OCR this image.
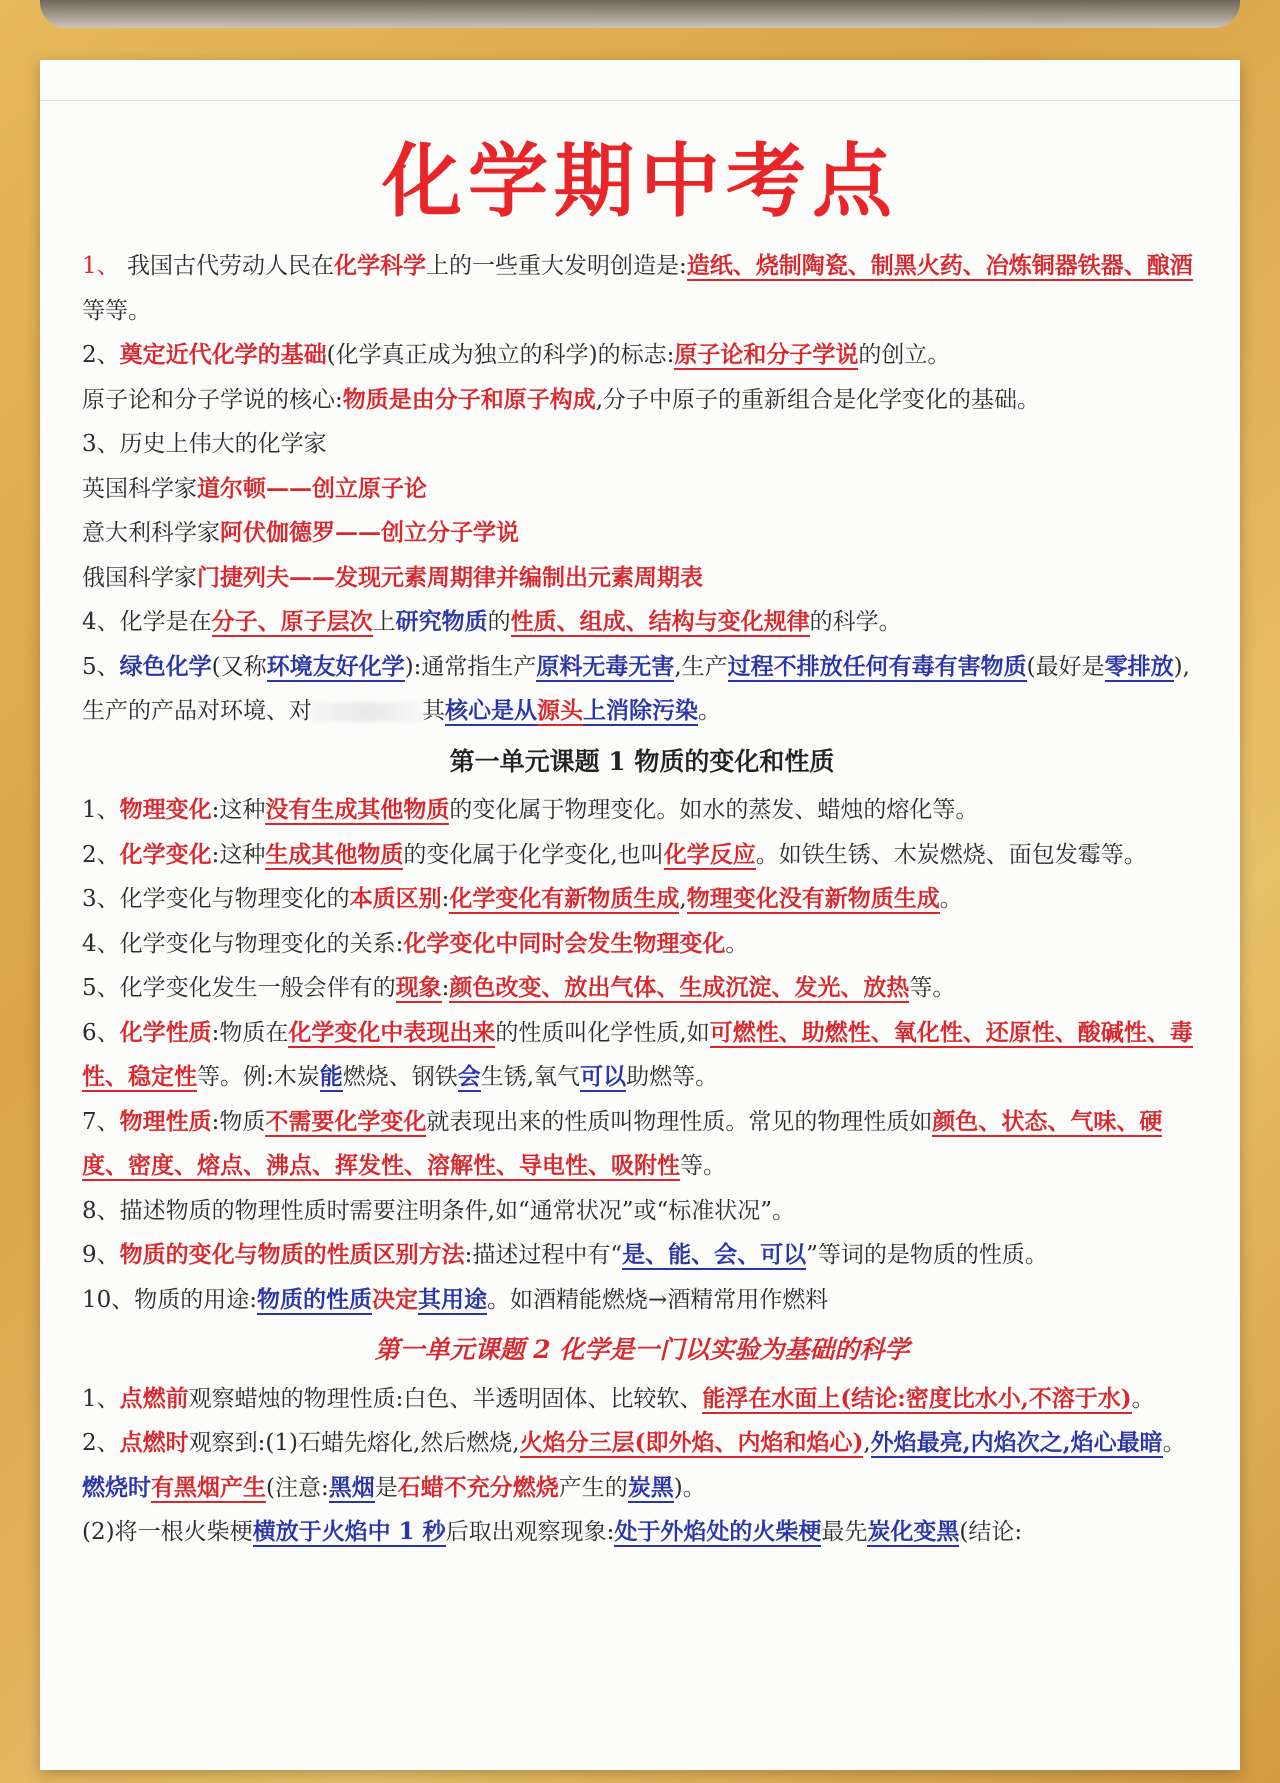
化学期中考点

1、 我国古代劳动人民在化学科学上的一些重大发明创造是:造纸、烧制陶瓷、制黑火药、冶炼铜器铁器、酿酒等等。

2、奠定近代化学的基础(化学真正成为独立的科学)的标志:原子论和分子学说的创立。

原子论和分子学说的核心:物质是由分子和原子构成,分子中原子的重新组合是化学变化的基础。

3、历史上伟大的化学家

英国科学家道尔顿——创立原子论

意大利科学家阿伏伽德罗——创立分子学说

俄国科学家门捷列夫——发现元素周期律并编制出元素周期表

4、化学是在分子、原子层次上研究物质的性质、组成、结构与变化规律的科学。

5、绿色化学(又称环境友好化学):通常指生产原料无毒无害,生产过程不排放任何有毒有害物质(最好是零排放),生产的产品对环境、对	其核心是从源头上消除污染。

第一单元课题 1 物质的变化和性质

1、物理变化:这种没有生成其他物质的变化属于物理变化。如水的蒸发、蜡烛的熔化等。

2、化学变化:这种生成其他物质的变化属于化学变化,也叫化学反应。如铁生锈、木炭燃烧、面包发霉等。

3、化学变化与物理变化的本质区别:化学变化有新物质生成,物理变化没有新物质生成。

4、化学变化与物理变化的关系:化学变化中同时会发生物理变化。

5、化学变化发生一般会伴有的现象:颜色改变、放出气体、生成沉淀、发光、放热等。

6、化学性质:物质在化学变化中表现出来的性质叫化学性质,如可燃性、助燃性、氧化性、还原性、酸碱性、毒性、稳定性等。例:木炭能燃烧、钢铁会生锈,氧气可以助燃等。

7、物理性质:物质不需要化学变化就表现出来的性质叫物理性质。常见的物理性质如颜色、状态、气味、硬度、密度、熔点、沸点、挥发性、溶解性、导电性、吸附性等。

8、描述物质的物理性质时需要注明条件,如“通常状况”或“标准状况”。

9、物质的变化与物质的性质区别方法:描述过程中有“是、能、会、可以”等词的是物质的性质。

10、物质的用途:物质的性质决定其用途。如酒精能燃烧→酒精常用作燃料

第一单元课题 2 化学是一门以实验为基础的科学

1、点燃前观察蜡烛的物理性质:白色、半透明固体、比较软、能浮在水面上(结论:密度比水小,不溶于水)。

2、点燃时观察到:(1)石蜡先熔化,然后燃烧,火焰分三层(即外焰、内焰和焰心),外焰最亮,内焰次之,焰心最暗。燃烧时有黑烟产生(注意:黑烟是石蜡不充分燃烧产生的炭黑)。

(2)将一根火柴梗横放于火焰中 1 秒后取出观察现象:处于外焰处的火柴梗最先炭化变黑(结论:
